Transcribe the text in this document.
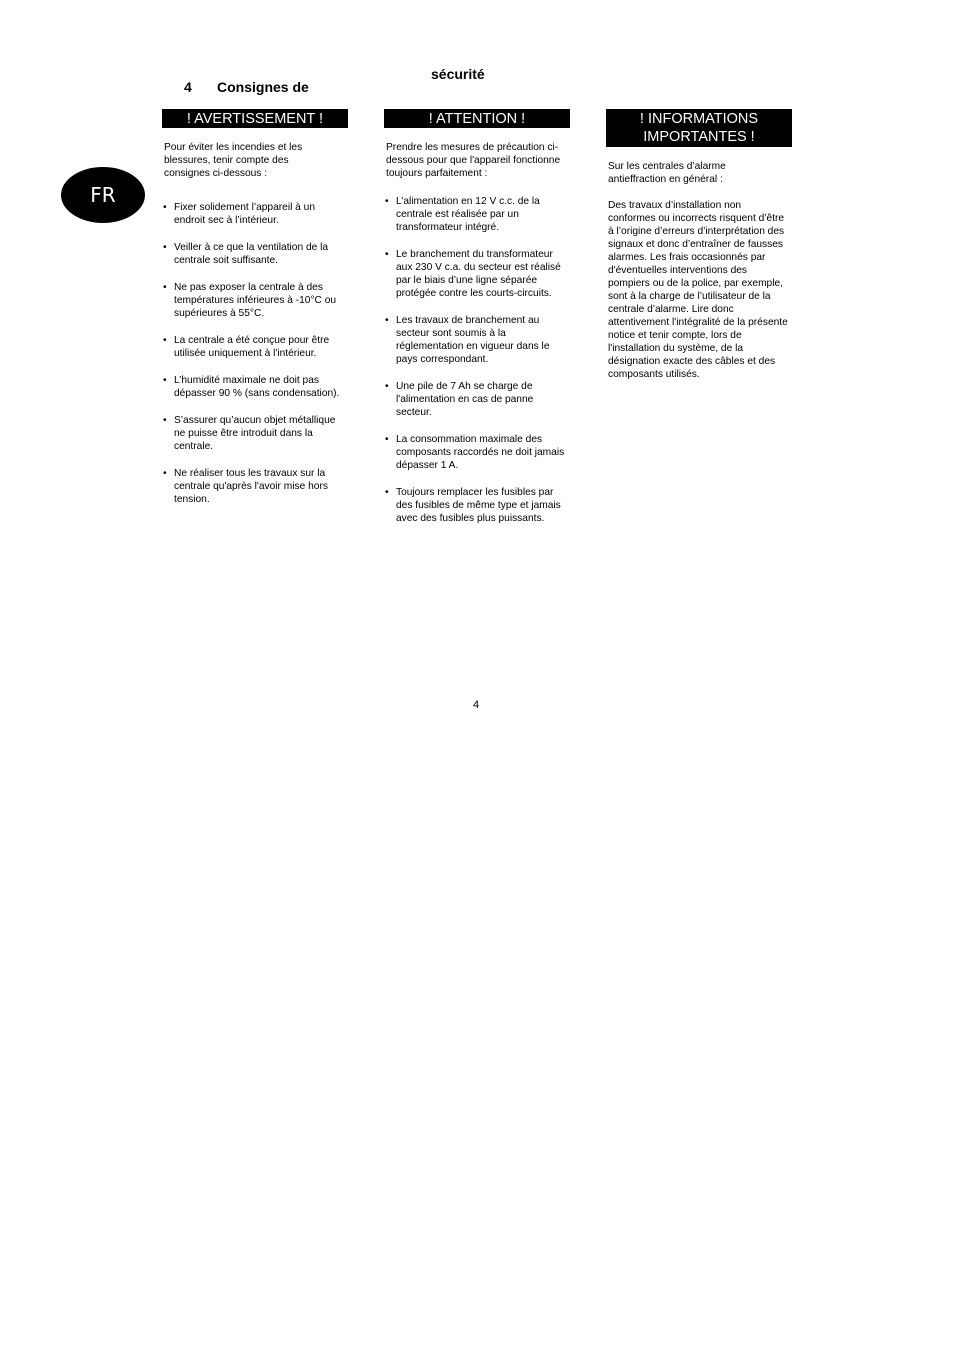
FR
4 Consignes de
sécurité
! AVERTISSEMENT !

Pour éviter les incendies et les blessures, tenir compte des consignes ci-dessous :

• Fixer solidement l’appareil à un endroit sec à l’intérieur.
• Veiller à ce que la ventilation de la centrale soit suffisante.
• Ne pas exposer la centrale à des températures inférieures à -10°C ou
supérieures à 55°C.
• La centrale a été conçue pour être
utilisée uniquement à l'intérieur.
• L’humidité maximale ne doit pas dépasser 90 % (sans condensation).
• S’assurer qu’aucun objet métallique ne puisse être introduit dans la centrale.
• Ne réaliser tous les travaux sur la centrale qu'après l'avoir mise hors tension.
! ATTENTION !

Prendre les mesures de précaution ci-dessous pour que l'appareil fonctionne toujours parfaitement :

• L’alimentation en 12 V c.c. de la centrale est réalisée par un transformateur intégré.
• Le branchement du transformateur aux 230 V c.a. du secteur est réalisé par le biais d’une ligne séparée protégée contre les courts-circuits.
• Les travaux de branchement au secteur sont soumis à la réglementation en vigueur dans le pays correspondant.
• Une pile de 7 Ah se charge de l'alimentation en cas de panne secteur.
• La consommation maximale des composants raccordés ne doit jamais dépasser 1 A.
• Toujours remplacer les fusibles par des fusibles de même type et jamais avec des fusibles plus puissants.
! INFORMATIONS IMPORTANTES !

Sur les centrales d’alarme antieffraction en général :

Des travaux d’installation non conformes ou incorrects risquent d’être à l’origine d’erreurs d’interprétation des signaux et donc d’entraîner de fausses alarmes. Les frais occasionnés par d'éventuelles interventions des pompiers ou de la police, par exemple, sont à la charge de l’utilisateur de la centrale d’alarme. Lire donc attentivement l'intégralité de la présente notice et tenir compte, lors de l'installation du système, de la désignation exacte des câbles et des composants utilisés.

4
